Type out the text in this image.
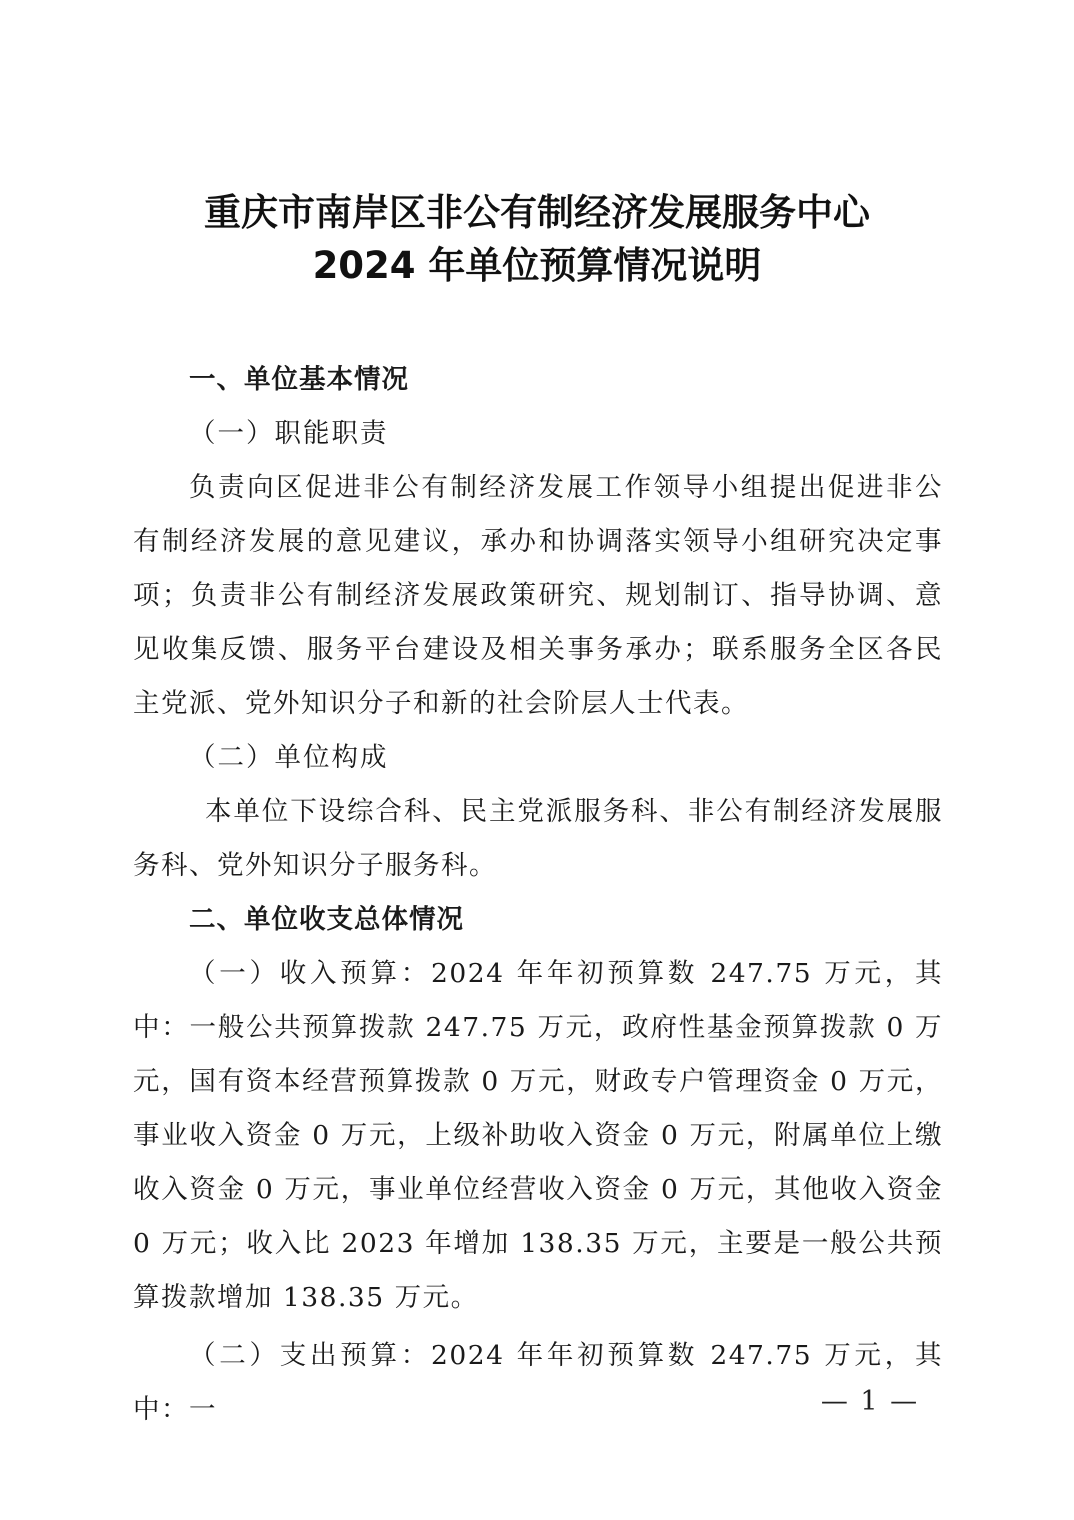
重庆市南岸区非公有制经济发展服务中心
2024 年单位预算情况说明

一、单位基本情况

（一）职能职责

负责向区促进非公有制经济发展工作领导小组提出促进非公有制经济发展的意见建议，承办和协调落实领导小组研究决定事项；负责非公有制经济发展政策研究、规划制订、指导协调、意见收集反馈、服务平台建设及相关事务承办；联系服务全区各民主党派、党外知识分子和新的社会阶层人士代表。

（二）单位构成

本单位下设综合科、民主党派服务科、非公有制经济发展服务科、党外知识分子服务科。

二、单位收支总体情况

（一）收入预算：2024 年年初预算数 247.75 万元，其中：一般公共预算拨款 247.75 万元，政府性基金预算拨款 0 万元，国有资本经营预算拨款 0 万元，财政专户管理资金 0 万元，事业收入资金 0 万元，上级补助收入资金 0 万元，附属单位上缴收入资金 0 万元，事业单位经营收入资金 0 万元，其他收入资金 0 万元；收入比 2023 年增加 138.35 万元，主要是一般公共预算拨款增加 138.35 万元。

（二）支出预算：2024 年年初预算数 247.75 万元，其中：一	— 1 —
